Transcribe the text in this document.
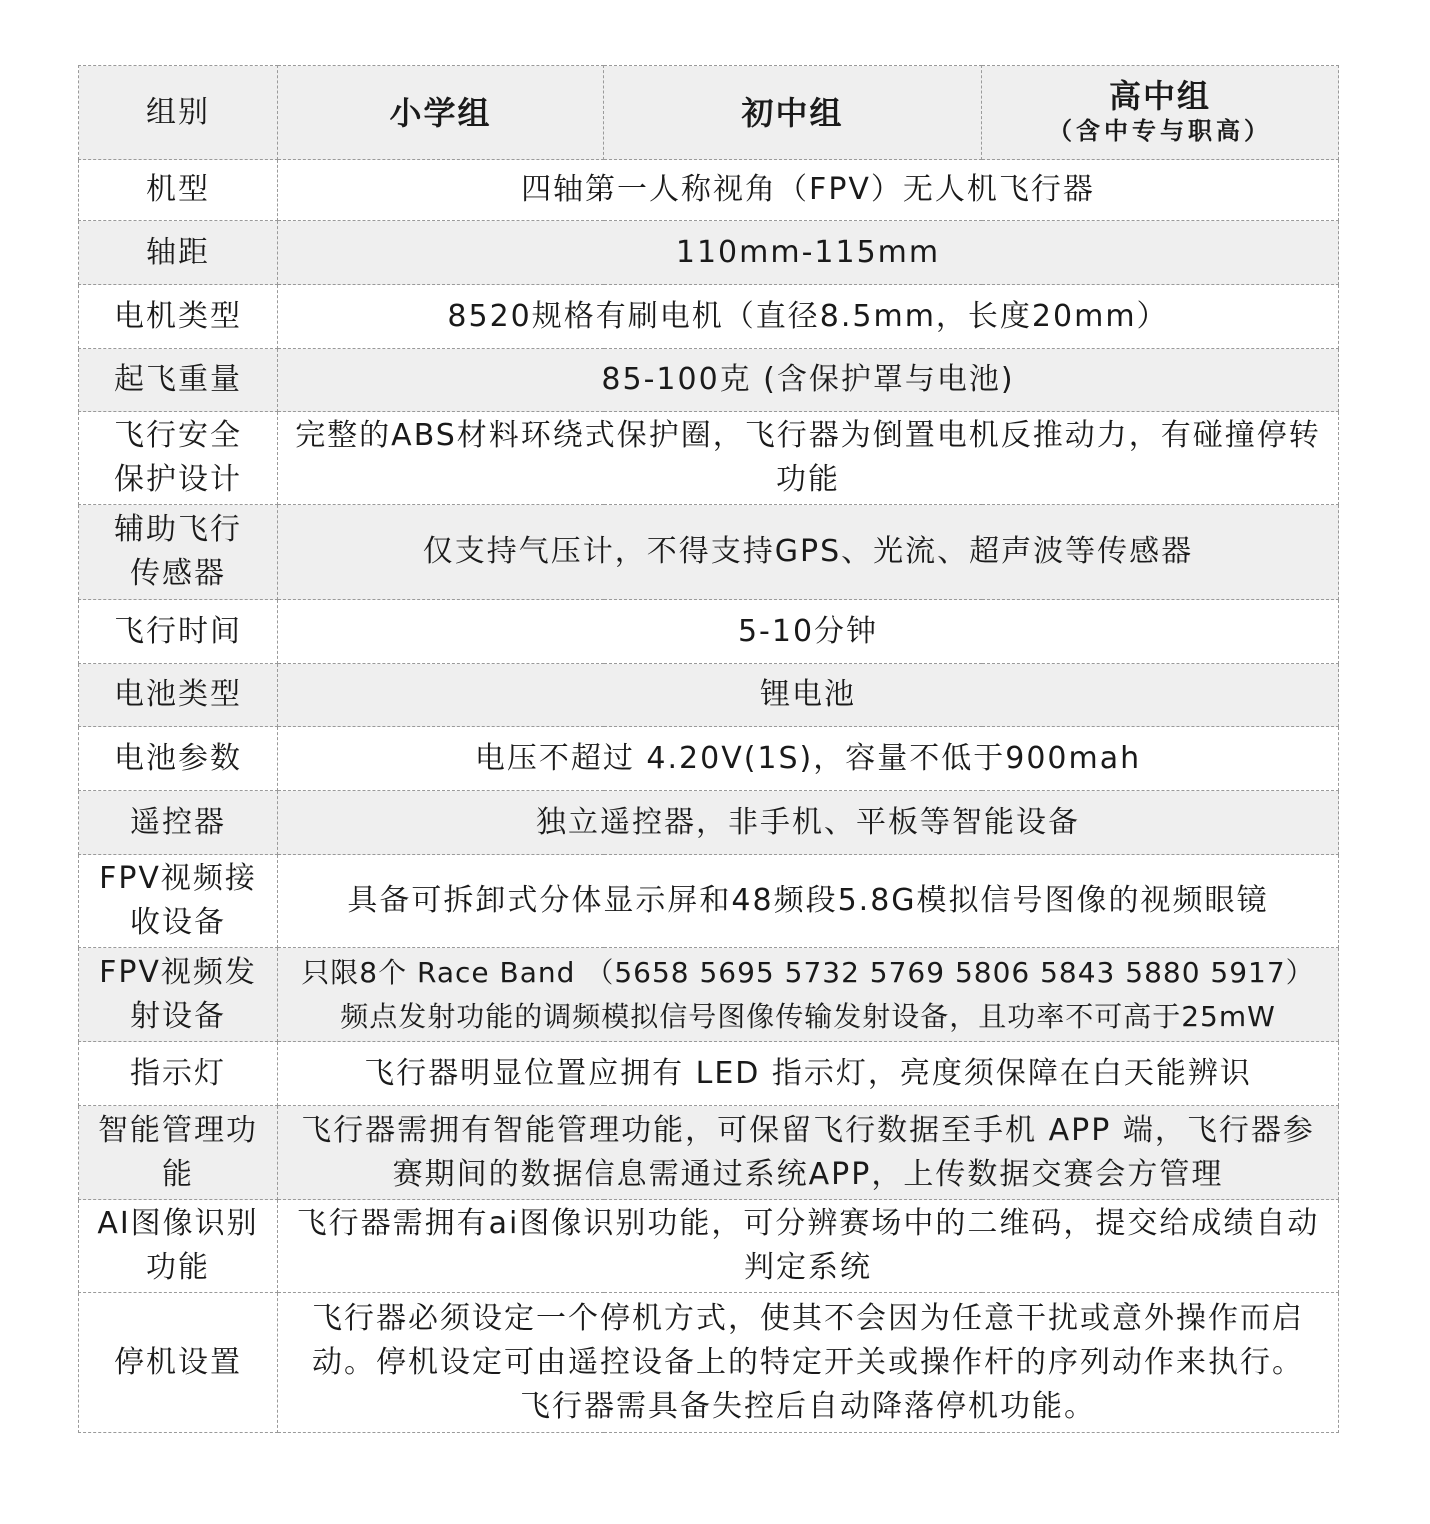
组别	小学组	初中组	高中组
（含中专与职高）

机型	四轴第一人称视角（FPV）无人机飞行器		
轴距	110mm-115mm		
电机类型	8520规格有刷电机（直径8.5mm，长度20mm）		
起飞重量	85-100克 (含保护罩与电池)		
飞行安全保护设计	完整的ABS材料环绕式保护圈，飞行器为倒置电机反推动力，有碰撞停转功能		
辅助飞行传感器	仅支持气压计，不得支持GPS、光流、超声波等传感器		
飞行时间	5-10分钟		
电池类型	锂电池		
电池参数	电压不超过 4.20V(1S)，容量不低于900mah		
遥控器	独立遥控器，非手机、平板等智能设备		
FPV视频接收设备	具备可拆卸式分体显示屏和48频段5.8G模拟信号图像的视频眼镜		
FPV视频发射设备	只限8个 Race Band （5658 5695 5732 5769 5806 5843 5880 5917）频点发射功能的调频模拟信号图像传输发射设备，且功率不可高于25mW		
指示灯	飞行器明显位置应拥有 LED 指示灯，亮度须保障在白天能辨识		
智能管理功能	飞行器需拥有智能管理功能，可保留飞行数据至手机 APP 端，飞行器参赛期间的数据信息需通过系统APP，上传数据交赛会方管理		
AI图像识别功能	飞行器需拥有ai图像识别功能，可分辨赛场中的二维码，提交给成绩自动判定系统		
停机设置	飞行器必须设定一个停机方式，使其不会因为任意干扰或意外操作而启动。停机设定可由遥控设备上的特定开关或操作杆的序列动作来执行。飞行器需具备失控后自动降落停机功能。		
